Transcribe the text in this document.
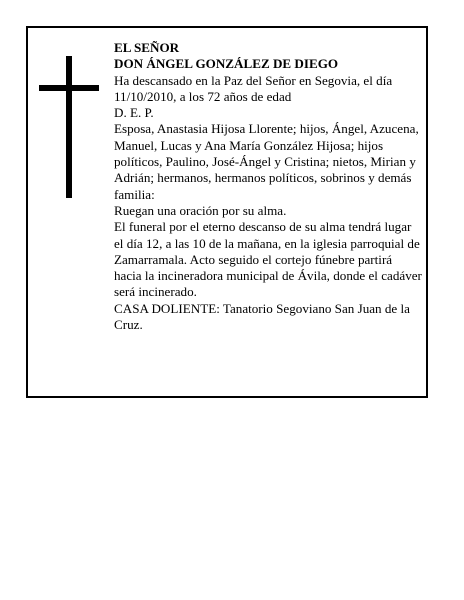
EL SEÑOR

DON ÁNGEL GONZÁLEZ DE DIEGO

Ha descansado en la Paz del Señor en Segovia, el día 11/10/2010, a los 72 años de edad

D. E. P.

Esposa, Anastasia Hijosa Llorente; hijos, Ángel, Azucena, Manuel, Lucas y Ana María González Hijosa; hijos políticos, Paulino, José-Ángel y Cristina; nietos, Mirian y Adrián; hermanos, hermanos políticos, sobrinos y demás familia:

Ruegan una oración por su alma.

El funeral por el eterno descanso de su alma tendrá lugar el día 12, a las 10 de la mañana, en la iglesia parroquial de Zamarramala. Acto seguido el cortejo fúnebre partirá hacia la incineradora municipal de Ávila, donde el cadáver será incinerado.

CASA DOLIENTE: Tanatorio Segoviano San Juan de la Cruz.
